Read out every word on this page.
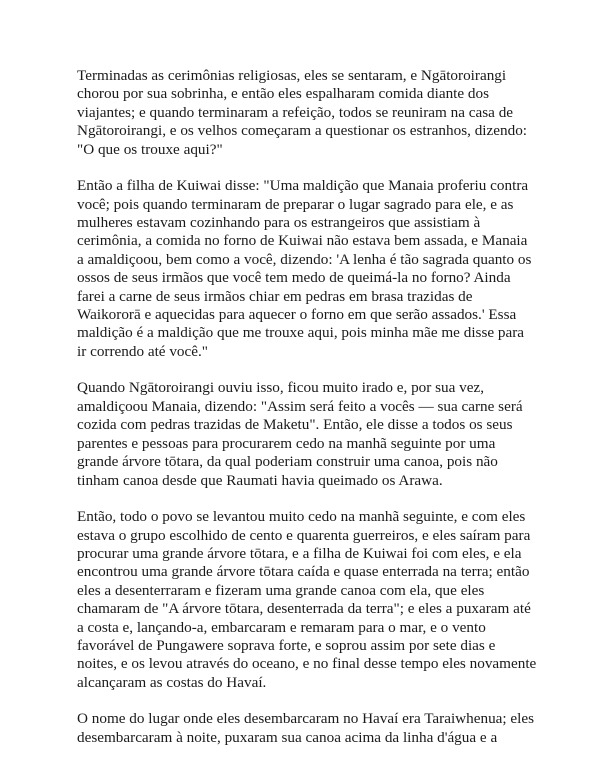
Terminadas as cerimônias religiosas, eles se sentaram, e Ngātoroirangi chorou por sua sobrinha, e então eles espalharam comida diante dos viajantes; e quando terminaram a refeição, todos se reuniram na casa de Ngātoroirangi, e os velhos começaram a questionar os estranhos, dizendo: "O que os trouxe aqui?"

Então a filha de Kuiwai disse: "Uma maldição que Manaia proferiu contra você; pois quando terminaram de preparar o lugar sagrado para ele, e as mulheres estavam cozinhando para os estrangeiros que assistiam à cerimônia, a comida no forno de Kuiwai não estava bem assada, e Manaia a amaldiçoou, bem como a você, dizendo: 'A lenha é tão sagrada quanto os ossos de seus irmãos que você tem medo de queimá-la no forno? Ainda farei a carne de seus irmãos chiar em pedras em brasa trazidas de Waikororā e aquecidas para aquecer o forno em que serão assados.' Essa maldição é a maldição que me trouxe aqui, pois minha mãe me disse para ir correndo até você."

Quando Ngātoroirangi ouviu isso, ficou muito irado e, por sua vez, amaldiçoou Manaia, dizendo: "Assim será feito a vocês — sua carne será cozida com pedras trazidas de Maketu". Então, ele disse a todos os seus parentes e pessoas para procurarem cedo na manhã seguinte por uma grande árvore tōtara, da qual poderiam construir uma canoa, pois não tinham canoa desde que Raumati havia queimado os Arawa.

Então, todo o povo se levantou muito cedo na manhã seguinte, e com eles estava o grupo escolhido de cento e quarenta guerreiros, e eles saíram para procurar uma grande árvore tōtara, e a filha de Kuiwai foi com eles, e ela encontrou uma grande árvore tōtara caída e quase enterrada na terra; então eles a desenterraram e fizeram uma grande canoa com ela, que eles chamaram de "A árvore tōtara, desenterrada da terra"; e eles a puxaram até a costa e, lançando-a, embarcaram e remaram para o mar, e o vento favorável de Pungawere soprava forte, e soprou assim por sete dias e noites, e os levou através do oceano, e no final desse tempo eles novamente alcançaram as costas do Havaí.

O nome do lugar onde eles desembarcaram no Havaí era Taraiwhenua; eles desembarcaram à noite, puxaram sua canoa acima da linha d'água e a
